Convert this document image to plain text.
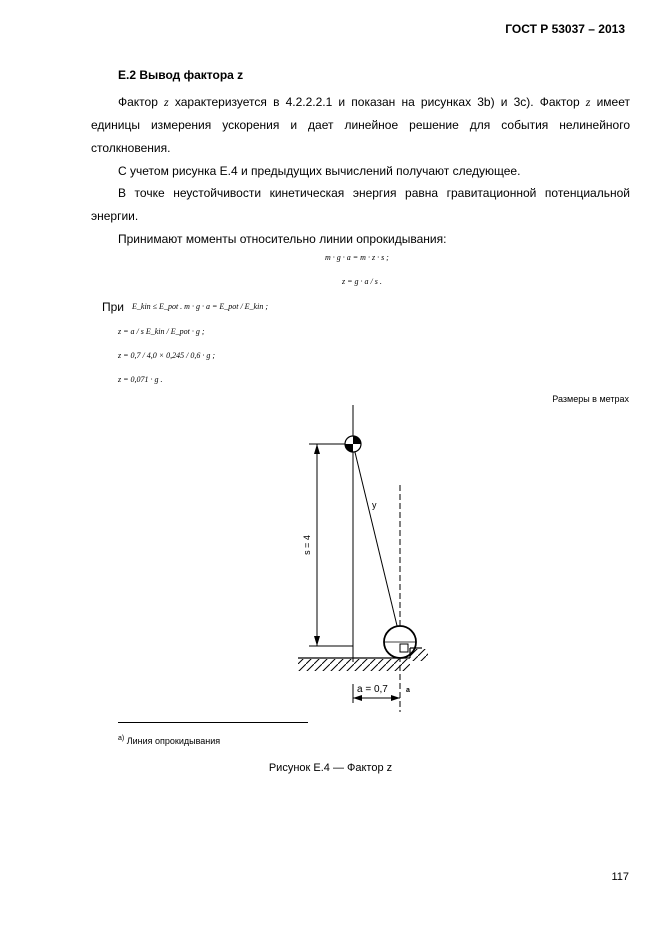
ГОСТ Р 53037 – 2013
Е.2 Вывод фактора z
Фактор z характеризуется в 4.2.2.2.1 и показан на рисунках 3b) и 3c). Фактор z имеет единицы измерения ускорения и дает линейное решение для события нелинейного столкновения.
С учетом рисунка Е.4 и предыдущих вычислений получают следующее.
В точке неустойчивости кинетическая энергия равна гравитационной потенциальной энергии.
Принимают моменты относительно линии опрокидывания:
m · g · a = m · z · s ;
z = g · a / s .
При E_kin ≤ E_pot . m · g · a = E_pot / E_kin ;
z = a / s E_kin / E_pot · g ;
z = 0,7 / 4,0 × 0,245 / 0,6 · g ;
z = 0,071 · g .
Размеры в метрах
s = 4
y
a = 0,7	a
$^{a)}$ Линия опрокидывания
Рисунок Е.4 — Фактор z
117
